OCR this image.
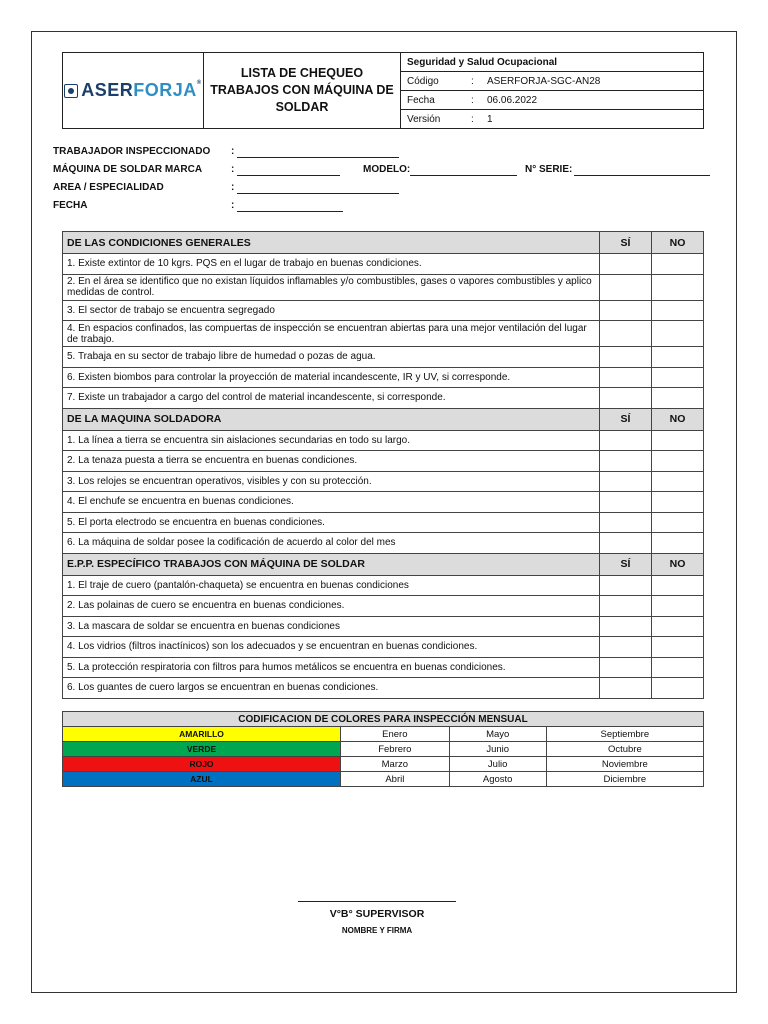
ASERFORJA®
LISTA DE CHEQUEO
TRABAJOS CON MÁQUINA DE
SOLDAR
Seguridad y Salud Ocupacional
Código	:	ASERFORJA-SGC-AN28
Fecha	:	06.06.2022
Versión	:	1
TRABAJADOR INSPECCIONADO :
MÁQUINA DE SOLDAR MARCA	:	MODELO:	N° SERIE:
AREA / ESPECIALIDAD	:
FECHA	:
DE LAS CONDICIONES GENERALES	SÍ	NO
1. Existe extintor de 10 kgrs. PQS en el lugar de trabajo en buenas condiciones.		
2. En el área se identifico que no existan líquidos inflamables y/o combustibles, gases o vapores combustibles y aplico medidas de control.		
3. El sector de trabajo se encuentra segregado		
4. En espacios confinados, las compuertas de inspección se encuentran abiertas para una mejor ventilación del lugar de trabajo.		
5. Trabaja en su sector de trabajo libre de humedad o pozas de agua.		
6. Existen biombos para controlar la proyección de material incandescente, IR y UV, si corresponde.		
7. Existe un trabajador a cargo del control de material incandescente, si corresponde.		
DE LA MAQUINA SOLDADORA	SÍ	NO
1. La línea a tierra se encuentra sin aislaciones secundarias en todo su largo.		
2. La tenaza puesta a tierra se encuentra en buenas condiciones.		
3. Los relojes se encuentran operativos, visibles y con su protección.		
4. El enchufe se encuentra en buenas condiciones.		
5. El porta electrodo se encuentra en buenas condiciones.		
6. La máquina de soldar posee la codificación de acuerdo al color del mes		
E.P.P. ESPECÍFICO TRABAJOS CON MÁQUINA DE SOLDAR	SÍ	NO
1. El traje de cuero (pantalón-chaqueta) se encuentra en buenas condiciones		
2. Las polainas de cuero se encuentra en buenas condiciones.		
3. La mascara de soldar se encuentra en buenas condiciones		
4. Los vidrios (filtros inactínicos) son los adecuados y se encuentran en buenas condiciones.		
5. La protección respiratoria con filtros para humos metálicos se encuentra en buenas condiciones.		
6. Los guantes de cuero largos se encuentran en buenas condiciones.		
CODIFICACION DE COLORES PARA INSPECCIÓN MENSUAL			
AMARILLO	Enero	Mayo	Septiembre
VERDE	Febrero	Junio	Octubre
ROJO	Marzo	Julio	Noviembre
AZUL	Abril	Agosto	Diciembre
V°B° SUPERVISOR
NOMBRE Y FIRMA
